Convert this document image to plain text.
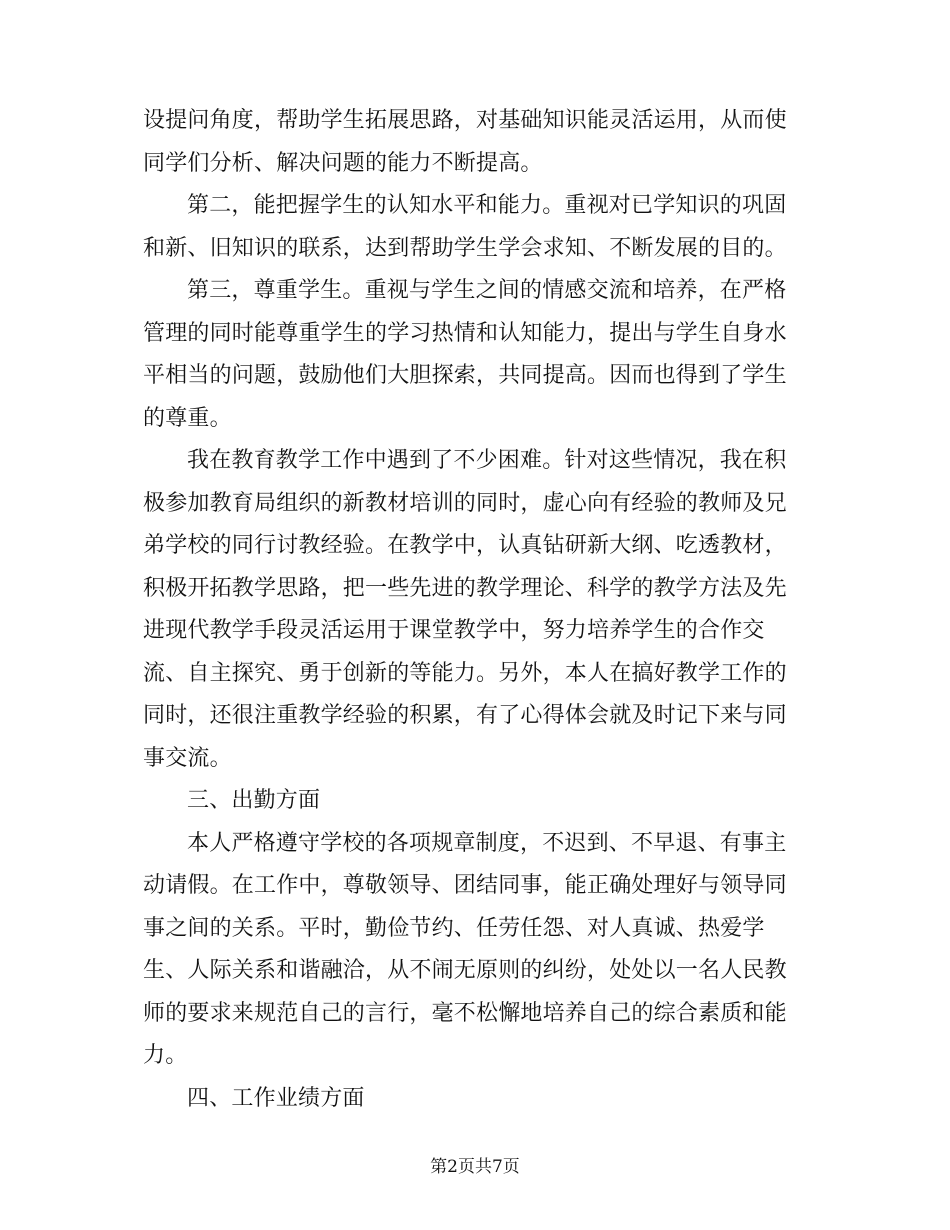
设提问角度，帮助学生拓展思路，对基础知识能灵活运用，从而使同学们分析、解决问题的能力不断提高。

第二，能把握学生的认知水平和能力。重视对已学知识的巩固和新、旧知识的联系，达到帮助学生学会求知、不断发展的目的。

第三，尊重学生。重视与学生之间的情感交流和培养，在严格管理的同时能尊重学生的学习热情和认知能力，提出与学生自身水平相当的问题，鼓励他们大胆探索，共同提高。因而也得到了学生的尊重。

我在教育教学工作中遇到了不少困难。针对这些情况，我在积极参加教育局组织的新教材培训的同时，虚心向有经验的教师及兄弟学校的同行讨教经验。在教学中，认真钻研新大纲、吃透教材，积极开拓教学思路，把一些先进的教学理论、科学的教学方法及先进现代教学手段灵活运用于课堂教学中，努力培养学生的合作交流、自主探究、勇于创新的等能力。另外，本人在搞好教学工作的同时，还很注重教学经验的积累，有了心得体会就及时记下来与同事交流。

三、出勤方面

本人严格遵守学校的各项规章制度，不迟到、不早退、有事主动请假。在工作中，尊敬领导、团结同事，能正确处理好与领导同事之间的关系。平时，勤俭节约、任劳任怨、对人真诚、热爱学生、人际关系和谐融洽，从不闹无原则的纠纷，处处以一名人民教师的要求来规范自己的言行，毫不松懈地培养自己的综合素质和能力。

四、工作业绩方面

第2页共7页
